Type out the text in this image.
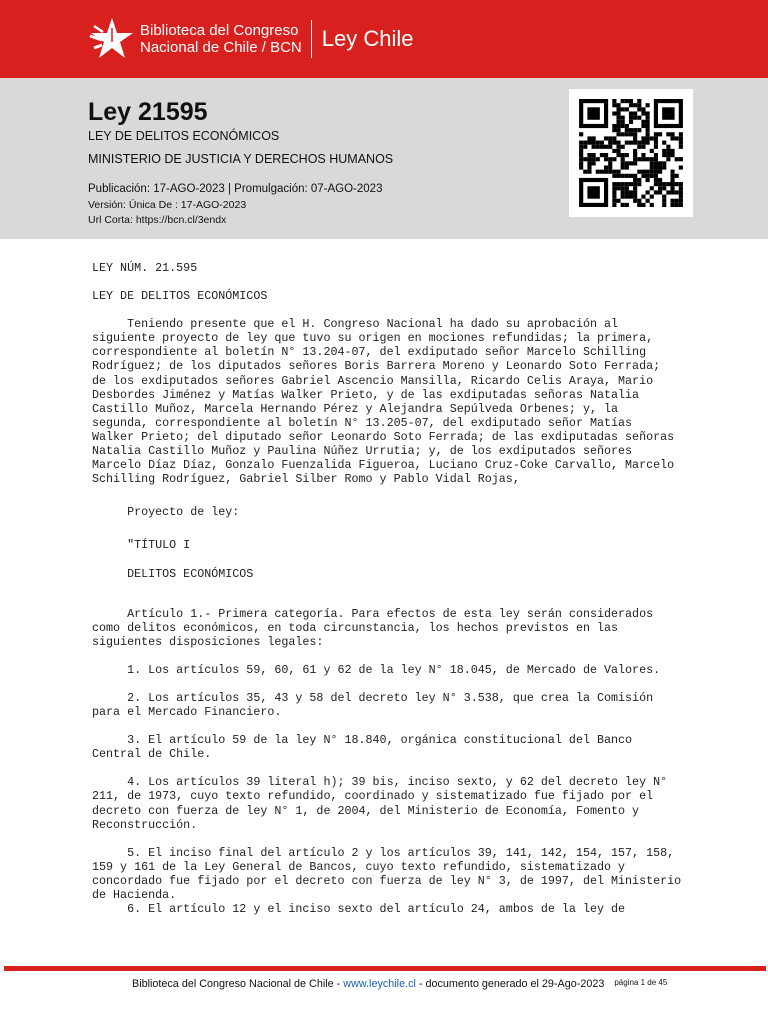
Biblioteca del Congreso
Nacional de Chile / BCN Ley Chile
Ley 21595
LEY DE DELITOS ECONÓMICOS
MINISTERIO DE JUSTICIA Y DERECHOS HUMANOS
Publicación: 17-AGO-2023 | Promulgación: 07-AGO-2023
Versión: Única De : 17-AGO-2023
Url Corta: https://bcn.cl/3endx
LEY NÚM. 21.595
LEY DE DELITOS ECONÓMICOS
Teniendo presente que el H. Congreso Nacional ha dado su aprobación al
siguiente proyecto de ley que tuvo su origen en mociones refundidas; la primera,
correspondiente al boletín N° 13.204-07, del exdiputado señor Marcelo Schilling
Rodríguez; de los diputados señores Boris Barrera Moreno y Leonardo Soto Ferrada;
de los exdiputados señores Gabriel Ascencio Mansilla, Ricardo Celis Araya, Mario
Desbordes Jiménez y Matías Walker Prieto, y de las exdiputadas señoras Natalia
Castillo Muñoz, Marcela Hernando Pérez y Alejandra Sepúlveda Orbenes; y, la
segunda, correspondiente al boletín N° 13.205-07, del exdiputado señor Matías
Walker Prieto; del diputado señor Leonardo Soto Ferrada; de las exdiputadas señoras
Natalia Castillo Muñoz y Paulina Núñez Urrutia; y, de los exdiputados señores
Marcelo Díaz Díaz, Gonzalo Fuenzalida Figueroa, Luciano Cruz-Coke Carvallo, Marcelo
Schilling Rodríguez, Gabriel Silber Romo y Pablo Vidal Rojas,
Proyecto de ley:
"TÍTULO I
DELITOS ECONÓMICOS
Artículo 1.- Primera categoría. Para efectos de esta ley serán considerados
como delitos económicos, en toda circunstancia, los hechos previstos en las
siguientes disposiciones legales:
1. Los artículos 59, 60, 61 y 62 de la ley N° 18.045, de Mercado de Valores.
2. Los artículos 35, 43 y 58 del decreto ley N° 3.538, que crea la Comisión
para el Mercado Financiero.
3. El artículo 59 de la ley N° 18.840, orgánica constitucional del Banco
Central de Chile.
4. Los artículos 39 literal h); 39 bis, inciso sexto, y 62 del decreto ley N°
211, de 1973, cuyo texto refundido, coordinado y sistematizado fue fijado por el
decreto con fuerza de ley N° 1, de 2004, del Ministerio de Economía, Fomento y
Reconstrucción.
5. El inciso final del artículo 2 y los artículos 39, 141, 142, 154, 157, 158,
159 y 161 de la Ley General de Bancos, cuyo texto refundido, sistematizado y
concordado fue fijado por el decreto con fuerza de ley N° 3, de 1997, del Ministerio
de Hacienda.
6. El artículo 12 y el inciso sexto del artículo 24, ambos de la ley de
Biblioteca del Congreso Nacional de Chile - www.leychile.cl - documento generado el 29-Ago-2023 página 1 de 45
